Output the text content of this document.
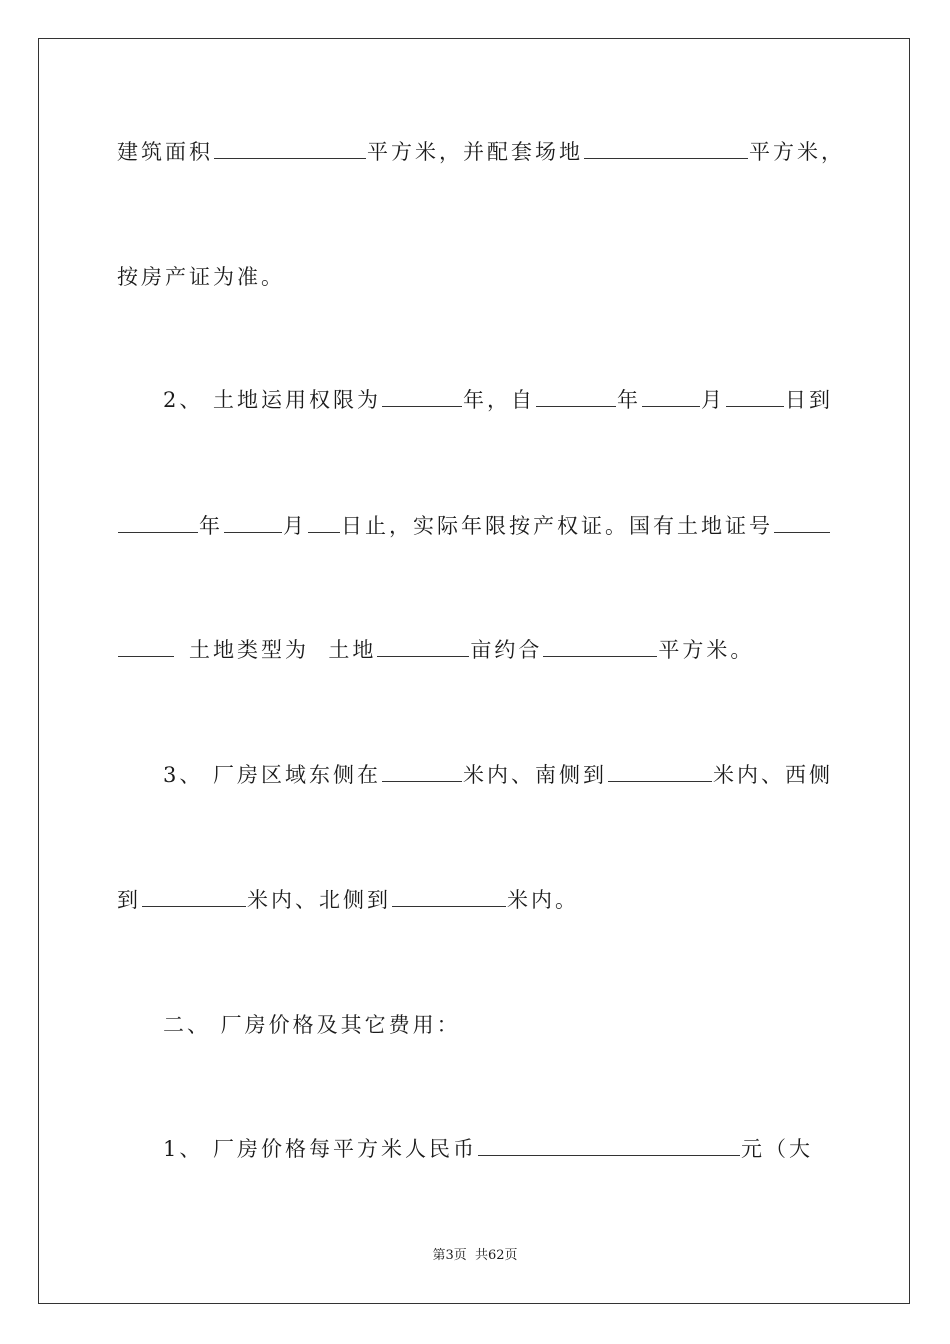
建筑面积	平方米，并配套场地	平方米，
按房产证为准。
2、 土地运用权限为	年，自	年	月	日到
年	月 日止，实际年限按产权证。国有土地证号
土地类型为  土地	亩约合	平方米。
3、 厂房区域东侧在	米内、南侧到	米内、西侧
到	米内、北侧到	米内。
二、 厂房价格及其它费用：
1、 厂房价格每平方米人民币	元（大
第3页 共62页
